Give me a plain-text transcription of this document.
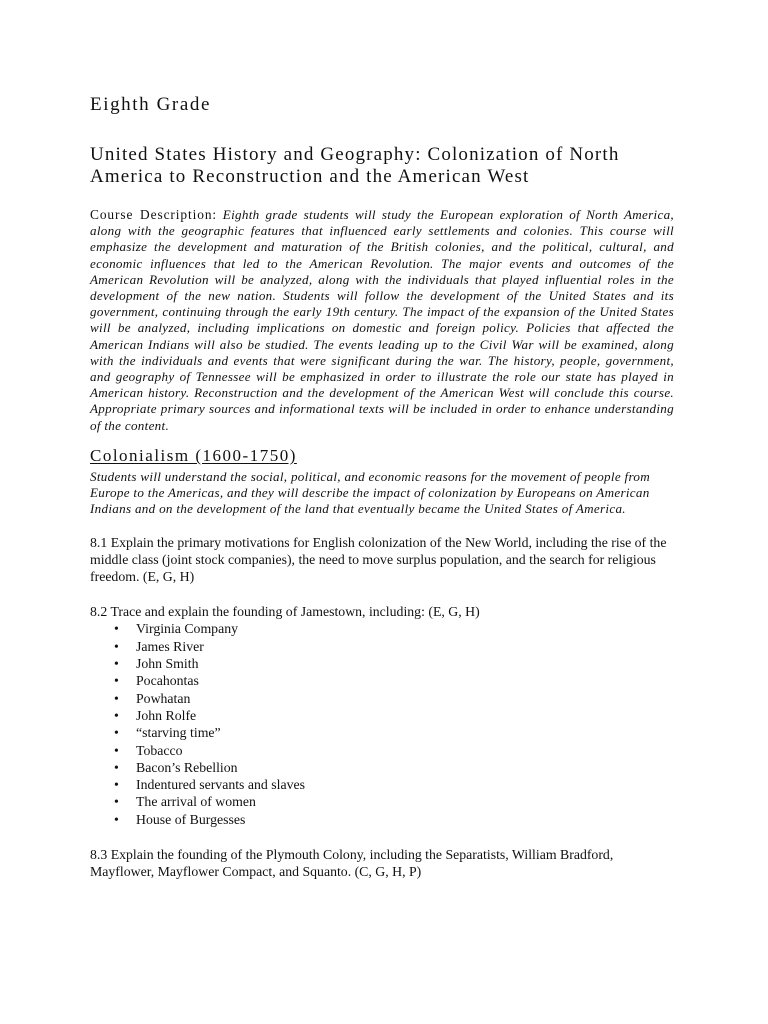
Eighth Grade
United States History and Geography: Colonization of North America to Reconstruction and the American West

Course Description: Eighth grade students will study the European exploration of North America, along with the geographic features that influenced early settlements and colonies. This course will emphasize the development and maturation of the British colonies, and the political, cultural, and economic influences that led to the American Revolution. The major events and outcomes of the American Revolution will be analyzed, along with the individuals that played influential roles in the development of the new nation. Students will follow the development of the United States and its government, continuing through the early 19th century. The impact of the expansion of the United States will be analyzed, including implications on domestic and foreign policy. Policies that affected the American Indians will also be studied. The events leading up to the Civil War will be examined, along with the individuals and events that were significant during the war. The history, people, government, and geography of Tennessee will be emphasized in order to illustrate the role our state has played in American history. Reconstruction and the development of the American West will conclude this course. Appropriate primary sources and informational texts will be included in order to enhance understanding of the content.

Colonialism (1600-1750)

Students will understand the social, political, and economic reasons for the movement of people from Europe to the Americas, and they will describe the impact of colonization by Europeans on American Indians and on the development of the land that eventually became the United States of America.

8.1 Explain the primary motivations for English colonization of the New World, including the rise of the middle class (joint stock companies), the need to move surplus population, and the search for religious freedom. (E, G, H)

8.2 Trace and explain the founding of Jamestown, including: (E, G, H)

• Virginia Company
• James River
• John Smith
• Pocahontas
• Powhatan
• John Rolfe
• “starving time”
• Tobacco
• Bacon’s Rebellion
• Indentured servants and slaves
• The arrival of women
• House of Burgesses

8.3 Explain the founding of the Plymouth Colony, including the Separatists, William Bradford, Mayflower, Mayflower Compact, and Squanto. (C, G, H, P)
